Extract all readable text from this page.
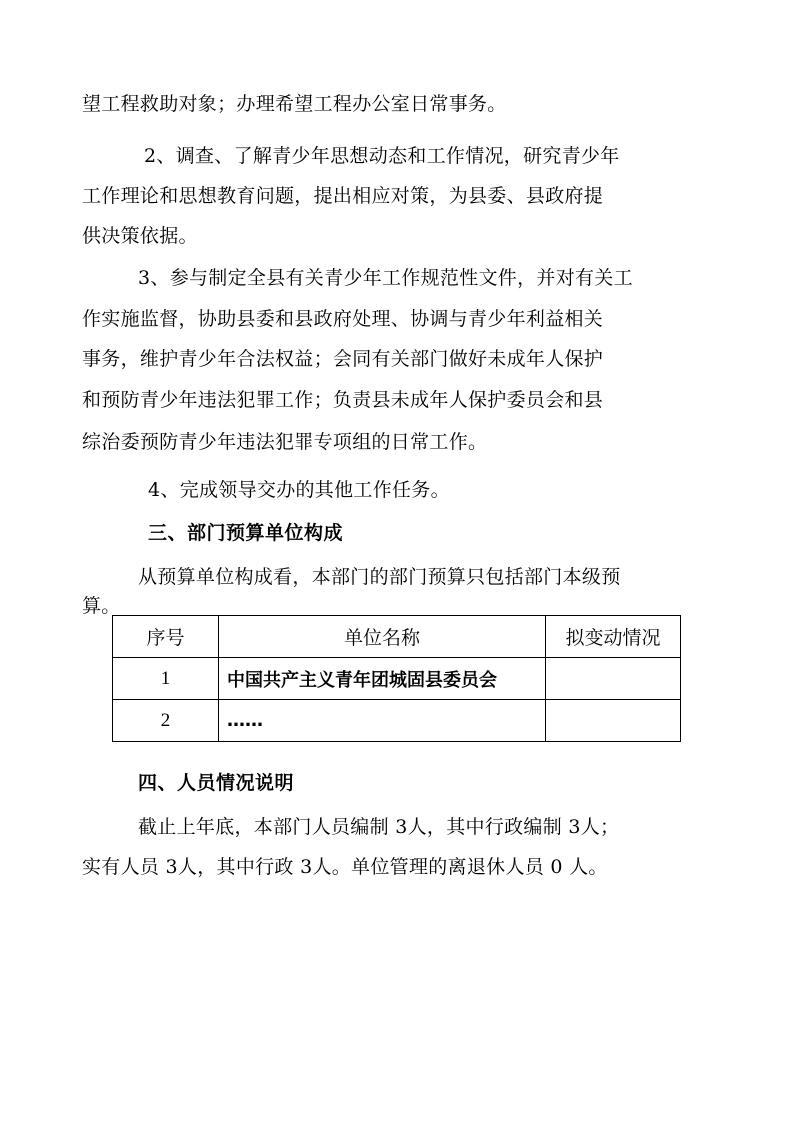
望工程救助对象；办理希望工程办公室日常事务。
2、调查、了解青少年思想动态和工作情况，研究青少年
工作理论和思想教育问题，提出相应对策，为县委、县政府提
供决策依据。
3、参与制定全县有关青少年工作规范性文件，并对有关工
作实施监督，协助县委和县政府处理、协调与青少年利益相关
事务，维护青少年合法权益；会同有关部门做好未成年人保护
和预防青少年违法犯罪工作；负责县未成年人保护委员会和县
综治委预防青少年违法犯罪专项组的日常工作。
4、完成领导交办的其他工作任务。
三、部门预算单位构成
从预算单位构成看，本部门的部门预算只包括部门本级预
算。
序号	单位名称	拟变动情况
1	中国共产主义青年团城固县委员会	
2	……	
四、人员情况说明
截止上年底，本部门人员编制 3人，其中行政编制 3人；
实有人员 3人，其中行政 3人。单位管理的离退休人员 0 人。
